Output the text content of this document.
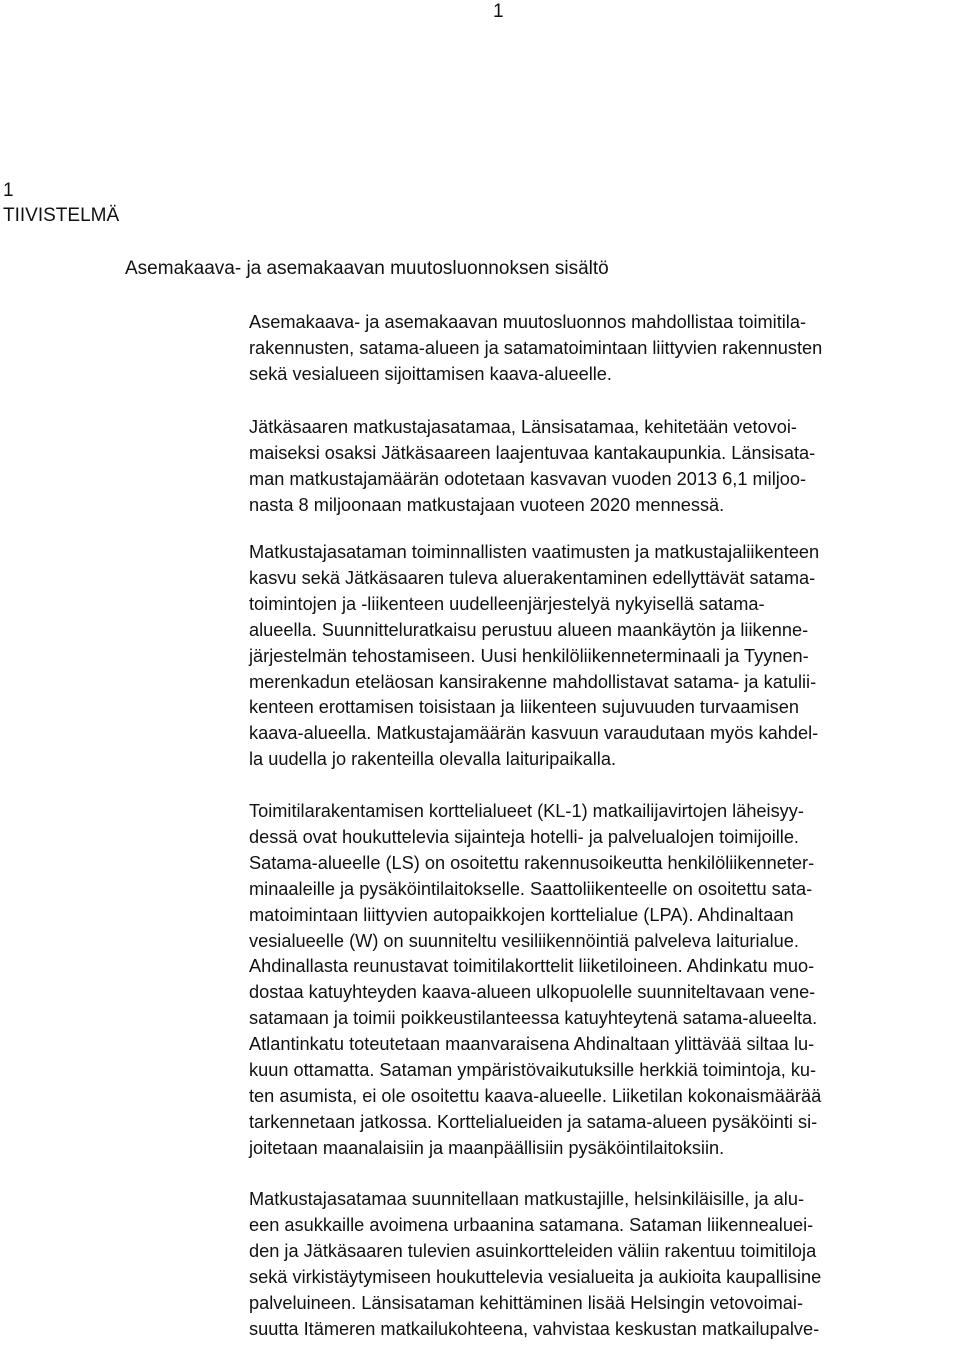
1
1
TIIVISTELMÄ
Asemakaava- ja asemakaavan muutosluonnoksen sisältö
Asemakaava- ja asemakaavan muutosluonnos mahdollistaa toimitila-
rakennusten, satama-alueen ja satamatoimintaan liittyvien rakennusten
sekä vesialueen sijoittamisen kaava-alueelle.
Jätkäsaaren matkustajasatamaa, Länsisatamaa, kehitetään vetovoi-
maiseksi osaksi Jätkäsaareen laajentuvaa kantakaupunkia. Länsisata-
man matkustajamäärän odotetaan kasvavan vuoden 2013 6,1 miljoo-
nasta 8 miljoonaan matkustajaan vuoteen 2020 mennessä.
Matkustajasataman toiminnallisten vaatimusten ja matkustajaliikenteen
kasvu sekä Jätkäsaaren tuleva aluerakentaminen edellyttävät satama-
toimintojen ja -liikenteen uudelleenjärjestelyä nykyisellä satama-
alueella. Suunnitteluratkaisu perustuu alueen maankäytön ja liikenne-
järjestelmän tehostamiseen. Uusi henkilöliikenneterminaali ja Tyynen-
merenkadun eteläosan kansirakenne mahdollistavat satama- ja katulii-
kenteen erottamisen toisistaan ja liikenteen sujuvuuden turvaamisen
kaava-alueella. Matkustajamäärän kasvuun varaudutaan myös kahdel-
la uudella jo rakenteilla olevalla laituripaikalla.
Toimitilarakentamisen korttelialueet (KL-1) matkailijavirtojen läheisyy-
dessä ovat houkuttelevia sijainteja hotelli- ja palvelualojen toimijoille.
Satama-alueelle (LS) on osoitettu rakennusoikeutta henkilöliikenneter-
minaaleille ja pysäköintilaitokselle. Saattoliikenteelle on osoitettu sata-
matoimintaan liittyvien autopaikkojen korttelialue (LPA). Ahdinaltaan
vesialueelle (W) on suunniteltu vesiliikennöintiä palveleva laiturialue.
Ahdinallasta reunustavat toimitilakorttelit liiketiloineen. Ahdinkatu muo-
dostaa katuyhteyden kaava-alueen ulkopuolelle suunniteltavaan vene-
satamaan ja toimii poikkeustilanteessa katuyhteytenä satama-alueelta.
Atlantinkatu toteutetaan maanvaraisena Ahdinaltaan ylittävää siltaa lu-
kuun ottamatta. Sataman ympäristövaikutuksille herkkiä toimintoja, ku-
ten asumista, ei ole osoitettu kaava-alueelle. Liiketilan kokonaismäärää
tarkennetaan jatkossa. Korttelialueiden ja satama-alueen pysäköinti si-
joitetaan maanalaisiin ja maanpäällisiin pysäköintilaitoksiin.
Matkustajasatamaa suunnitellaan matkustajille, helsinkiläisille, ja alu-
een asukkaille avoimena urbaanina satamana. Sataman liikennealuei-
den ja Jätkäsaaren tulevien asuinkortteleiden väliin rakentuu toimitiloja
sekä virkistäytymiseen houkuttelevia vesialueita ja aukioita kaupallisine
palveluineen. Länsisataman kehittäminen lisää Helsingin vetovoimai-
suutta Itämeren matkailukohteena, vahvistaa keskustan matkailupalve-
